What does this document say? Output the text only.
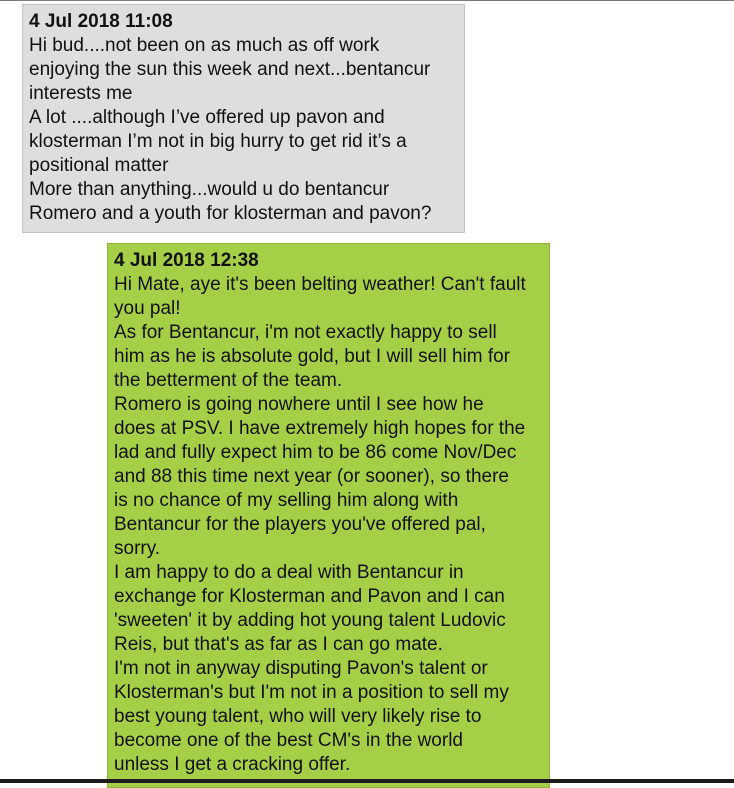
4 Jul 2018 11:08
Hi bud....not been on as much as off work
enjoying the sun this week and next...bentancur
interests me
A lot ....although I’ve offered up pavon and
klosterman I’m not in big hurry to get rid it’s a
positional matter
More than anything...would u do bentancur
Romero and a youth for klosterman and pavon?
4 Jul 2018 12:38
Hi Mate, aye it's been belting weather! Can't fault
you pal!
As for Bentancur, i'm not exactly happy to sell
him as he is absolute gold, but I will sell him for
the betterment of the team.
Romero is going nowhere until I see how he
does at PSV. I have extremely high hopes for the
lad and fully expect him to be 86 come Nov/Dec
and 88 this time next year (or sooner), so there
is no chance of my selling him along with
Bentancur for the players you've offered pal,
sorry.
I am happy to do a deal with Bentancur in
exchange for Klosterman and Pavon and I can
'sweeten' it by adding hot young talent Ludovic
Reis, but that's as far as I can go mate.
I'm not in anyway disputing Pavon's talent or
Klosterman's but I'm not in a position to sell my
best young talent, who will very likely rise to
become one of the best CM's in the world
unless I get a cracking offer.
